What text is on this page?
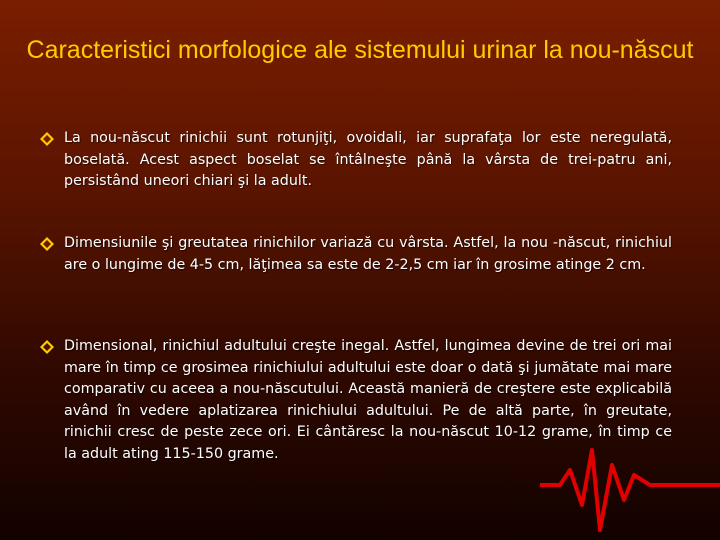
Caracteristici morfologice ale sistemului urinar la nou-născut
La nou-născut rinichii sunt rotunjiţi, ovoidali, iar suprafaţa lor este neregulată, boselată. Acest aspect boselat se întâlneşte până la vârsta de trei-patru ani, persistând uneori chiari şi la adult.
Dimensiunile şi greutatea rinichilor variază cu vârsta. Astfel, la nou -născut, rinichiul are o lungime de 4-5 cm, lăţimea sa este de 2-2,5 cm iar în grosime atinge 2 cm.
Dimensional, rinichiul adultului creşte inegal. Astfel, lungimea devine de trei ori mai mare în timp ce grosimea rinichiului adultului este doar o dată şi jumătate mai mare comparativ cu aceea a nou-născutului. Această manieră de creştere este explicabilă având în vedere aplatizarea rinichiului adultului. Pe de altă parte, în greutate, rinichii cresc de peste zece ori. Ei cântăresc la nou-născut 10-12 grame, în timp ce la adult ating 115-150 grame.
